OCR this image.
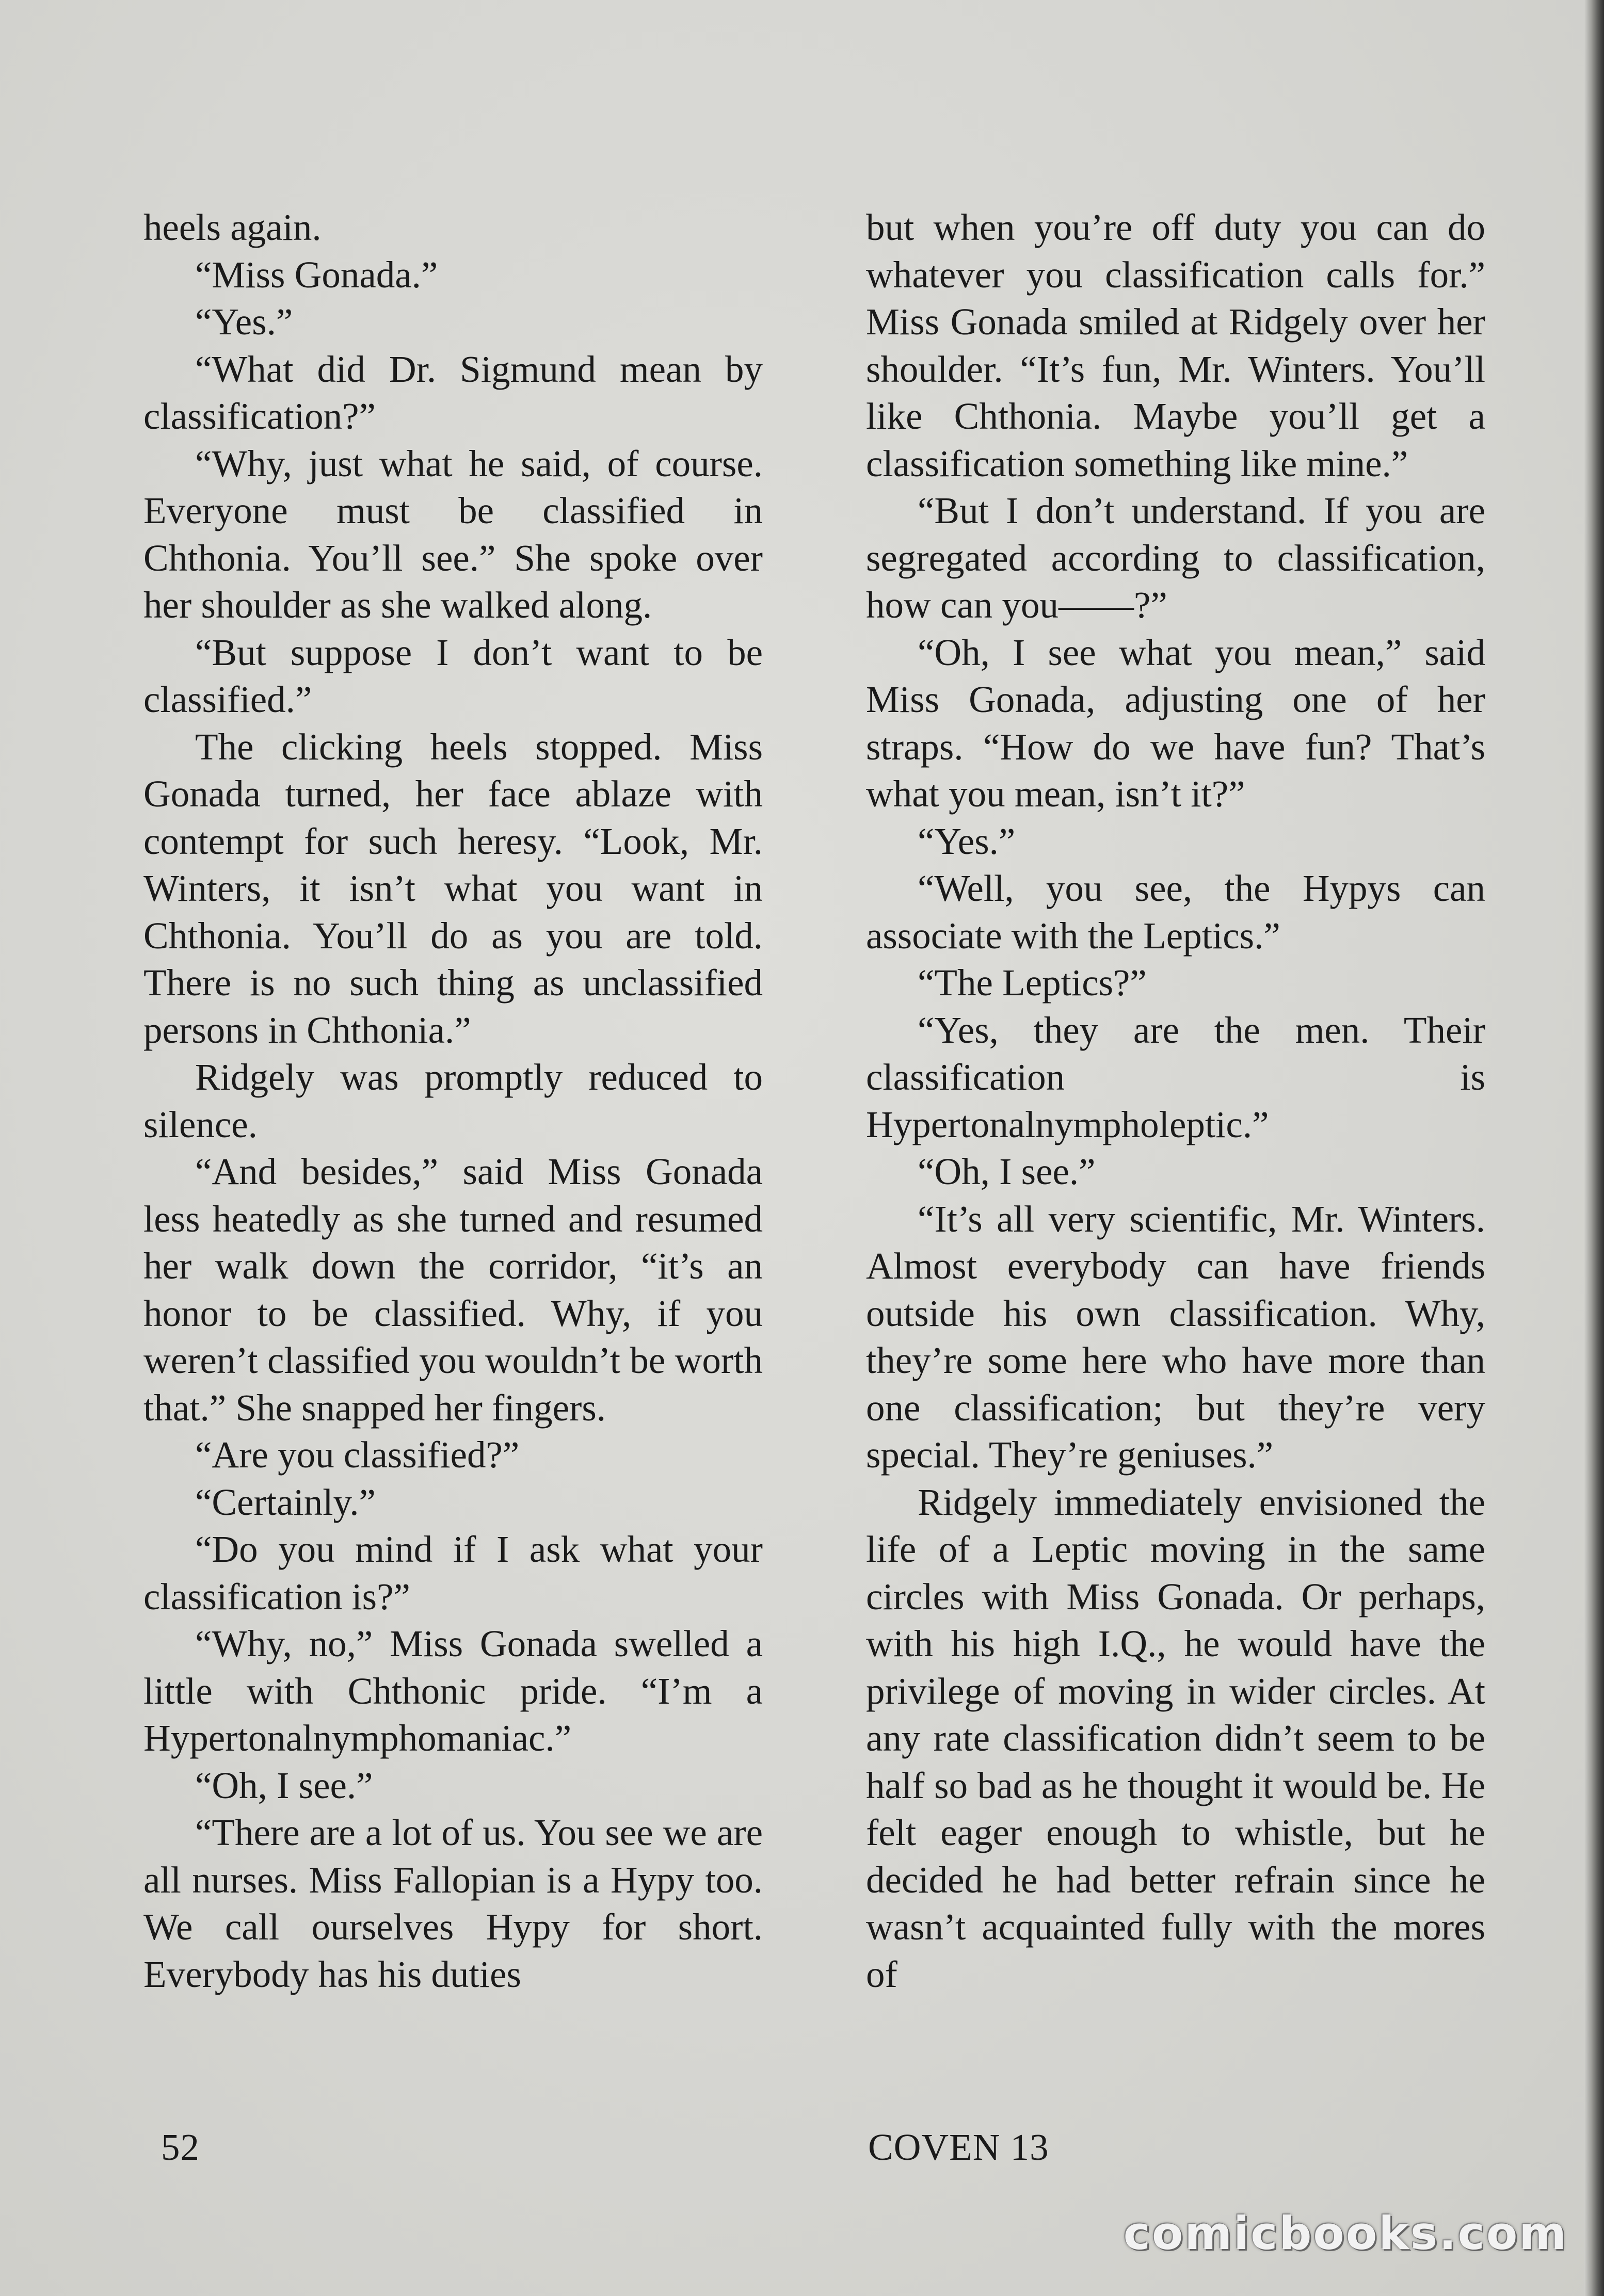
heels again.

“Miss Gonada.”

“Yes.”

“What did Dr. Sigmund mean by classification?”

“Why, just what he said, of course. Everyone must be classified in Chthonia. You’ll see.” She spoke over her shoulder as she walked along.

“But suppose I don’t want to be classified.”

The clicking heels stopped. Miss Gonada turned, her face ablaze with contempt for such heresy. “Look, Mr. Winters, it isn’t what you want in Chthonia. You’ll do as you are told. There is no such thing as unclassified persons in Chthonia.”

Ridgely was promptly reduced to silence.

“And besides,” said Miss Gonada less heatedly as she turned and resumed her walk down the corridor, “it’s an honor to be classified. Why, if you weren’t classified you wouldn’t be worth that.” She snapped her fingers.

“Are you classified?”

“Certainly.”

“Do you mind if I ask what your classification is?”

“Why, no,” Miss Gonada swelled a little with Chthonic pride. “I’m a Hypertonalnymphomaniac.”

“Oh, I see.”

“There are a lot of us. You see we are all nurses. Miss Fallopian is a Hypy too. We call ourselves Hypy for short. Everybody has his duties

but when you’re off duty you can do whatever you classification calls for.” Miss Gonada smiled at Ridgely over her shoulder. “It’s fun, Mr. Winters. You’ll like Chthonia. Maybe you’ll get a classification something like mine.”

“But I don’t understand. If you are segregated according to classification, how can you——?”

“Oh, I see what you mean,” said Miss Gonada, adjusting one of her straps. “How do we have fun? That’s what you mean, isn’t it?”

“Yes.”

“Well, you see, the Hypys can associate with the Leptics.”

“The Leptics?”

“Yes, they are the men. Their classification is Hypertonalnympholeptic.”

“Oh, I see.”

“It’s all very scientific, Mr. Winters. Almost everybody can have friends outside his own classification. Why, they’re some here who have more than one classification; but they’re very special. They’re geniuses.”

Ridgely immediately envisioned the life of a Leptic moving in the same circles with Miss Gonada. Or perhaps, with his high I.Q., he would have the privilege of moving in wider circles. At any rate classification didn’t seem to be half so bad as he thought it would be. He felt eager enough to whistle, but he decided he had better refrain since he wasn’t acquainted fully with the mores of

52	COVEN 13
comicbooks.com
